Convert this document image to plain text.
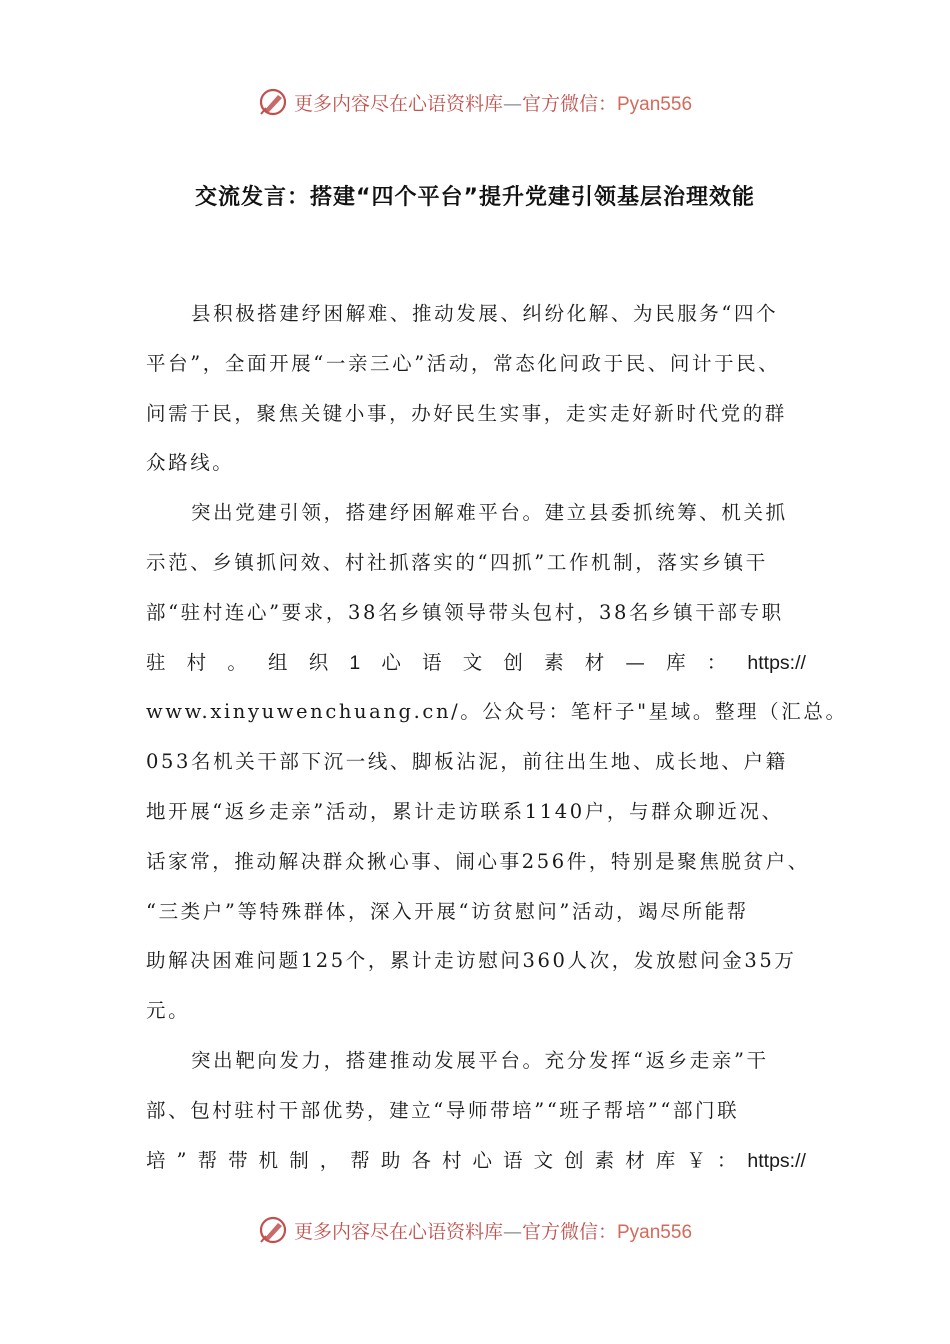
更多内容尽在心语资料库—官方微信：Pyan556
交流发言：搭建“四个平台”提升党建引领基层治理效能
县积极搭建纾困解难、推动发展、纠纷化解、为民服务“四个
平台”，全面开展“一亲三心”活动，常态化问政于民、问计于民、
问需于民，聚焦关键小事，办好民生实事，走实走好新时代党的群
众路线。
突出党建引领，搭建纾困解难平台。建立县委抓统筹、机关抓
示范、乡镇抓问效、村社抓落实的“四抓”工作机制，落实乡镇干
部“驻村连心”要求，38名乡镇领导带头包村，38名乡镇干部专职
驻 村 。 组 织 1 心 语 文 创 素 材 — 库 ： https://
www.xinyuwenchuang.cn/。公众号：笔杆子"星域。整理（汇总。
053名机关干部下沉一线、脚板沾泥，前往出生地、成长地、户籍
地开展“返乡走亲”活动，累计走访联系1140户，与群众聊近况、
话家常，推动解决群众揪心事、闹心事256件，特别是聚焦脱贫户、
“三类户”等特殊群体，深入开展“访贫慰问”活动，竭尽所能帮
助解决困难问题125个，累计走访慰问360人次，发放慰问金35万
元。
突出靶向发力，搭建推动发展平台。充分发挥“返乡走亲”干
部、包村驻村干部优势，建立“导师带培”“班子帮培”“部门联
培 ” 帮 带 机 制 ， 帮 助 各 村 心 语 文 创 素 材 库 ￥ ： https://
更多内容尽在心语资料库—官方微信：Pyan556
